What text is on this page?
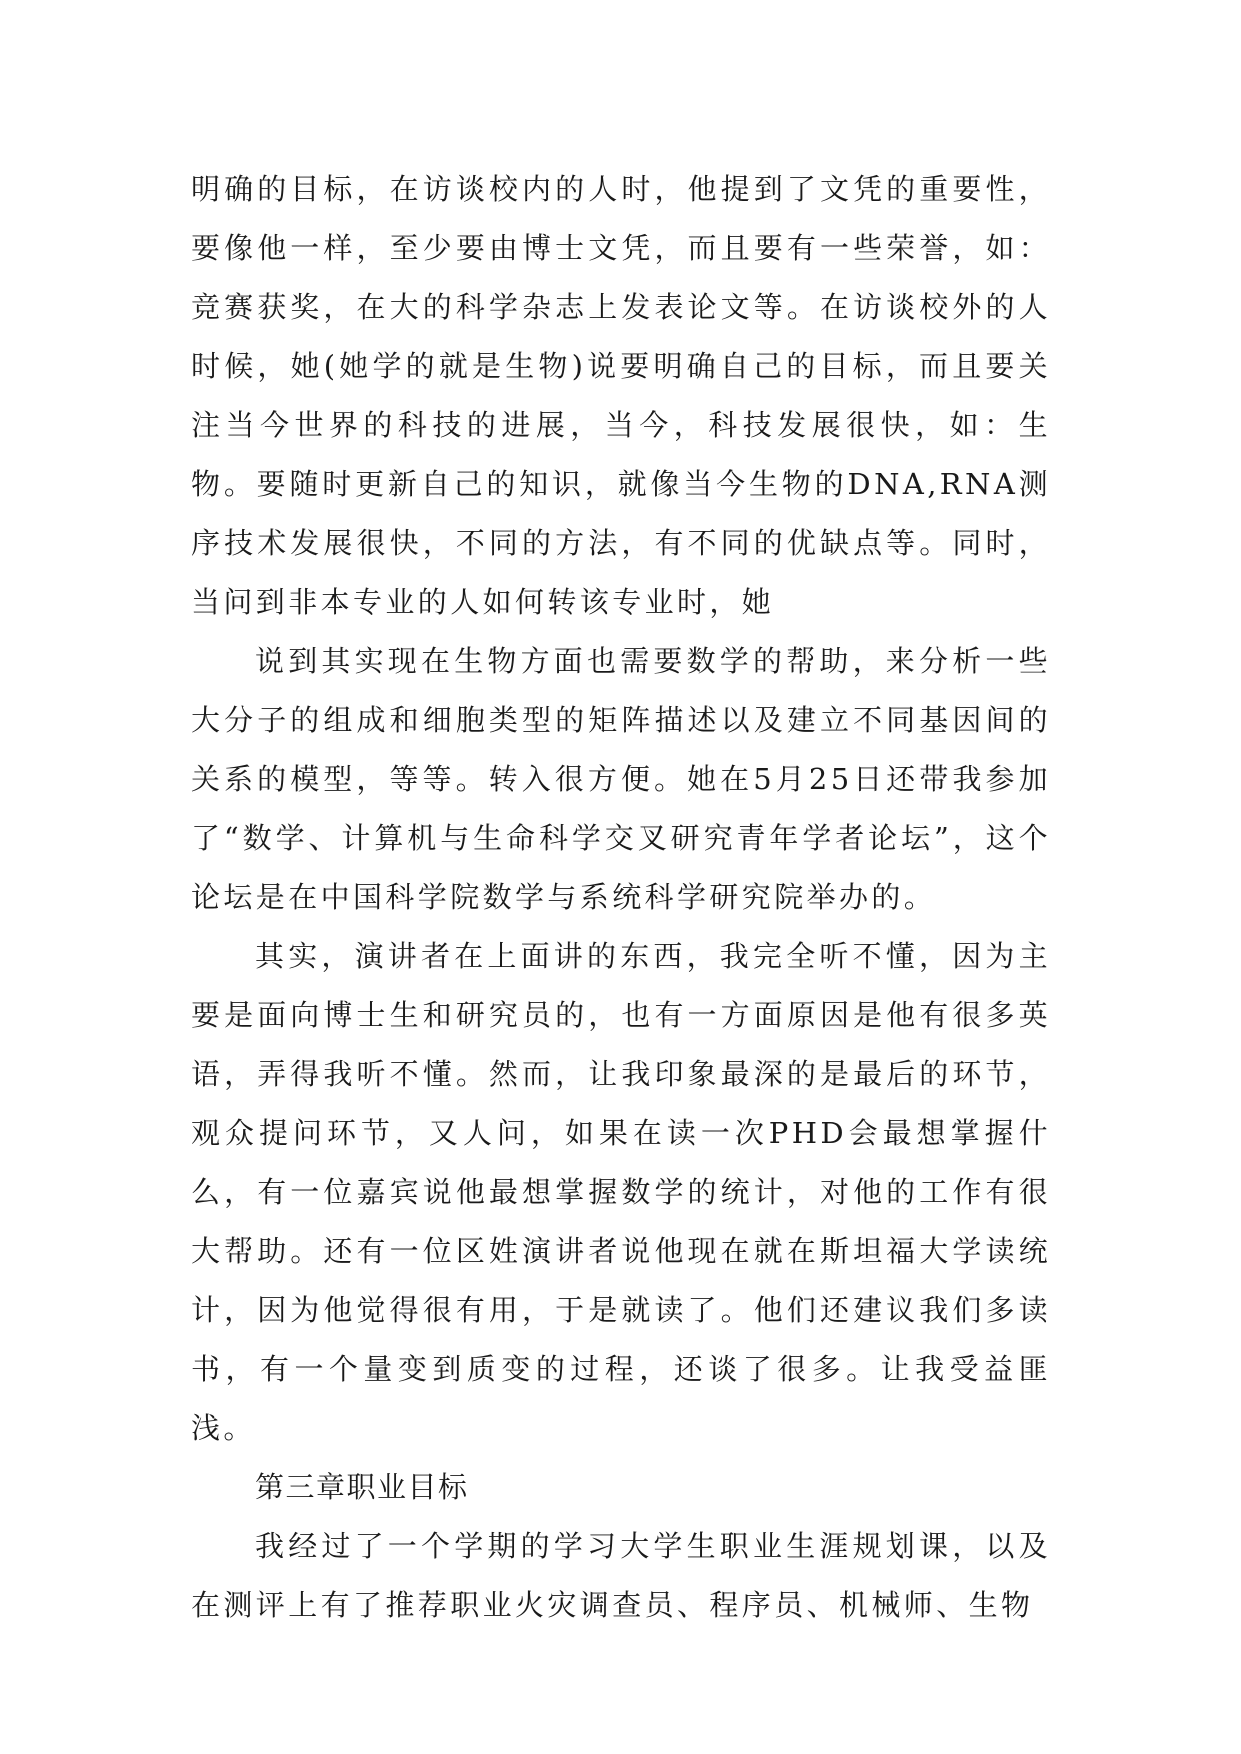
明确的目标，在访谈校内的人时，他提到了文凭的重要性，要像他一样，至少要由博士文凭，而且要有一些荣誉，如：竞赛获奖，在大的科学杂志上发表论文等。在访谈校外的人时候，她(她学的就是生物)说要明确自己的目标，而且要关注当今世界的科技的进展，当今，科技发展很快，如：生物。要随时更新自己的知识，就像当今生物的DNA,RNA测序技术发展很快，不同的方法，有不同的优缺点等。同时，当问到非本专业的人如何转该专业时，她

说到其实现在生物方面也需要数学的帮助，来分析一些大分子的组成和细胞类型的矩阵描述以及建立不同基因间的关系的模型，等等。转入很方便。她在5月25日还带我参加了“数学、计算机与生命科学交叉研究青年学者论坛”，这个论坛是在中国科学院数学与系统科学研究院举办的。

其实，演讲者在上面讲的东西，我完全听不懂，因为主要是面向博士生和研究员的，也有一方面原因是他有很多英语，弄得我听不懂。然而，让我印象最深的是最后的环节，观众提问环节，又人问，如果在读一次PHD会最想掌握什么，有一位嘉宾说他最想掌握数学的统计，对他的工作有很大帮助。还有一位区姓演讲者说他现在就在斯坦福大学读统计，因为他觉得很有用，于是就读了。他们还建议我们多读书，有一个量变到质变的过程，还谈了很多。让我受益匪浅。

第三章职业目标

我经过了一个学期的学习大学生职业生涯规划课，以及在测评上有了推荐职业火灾调查员、程序员、机械师、生物
